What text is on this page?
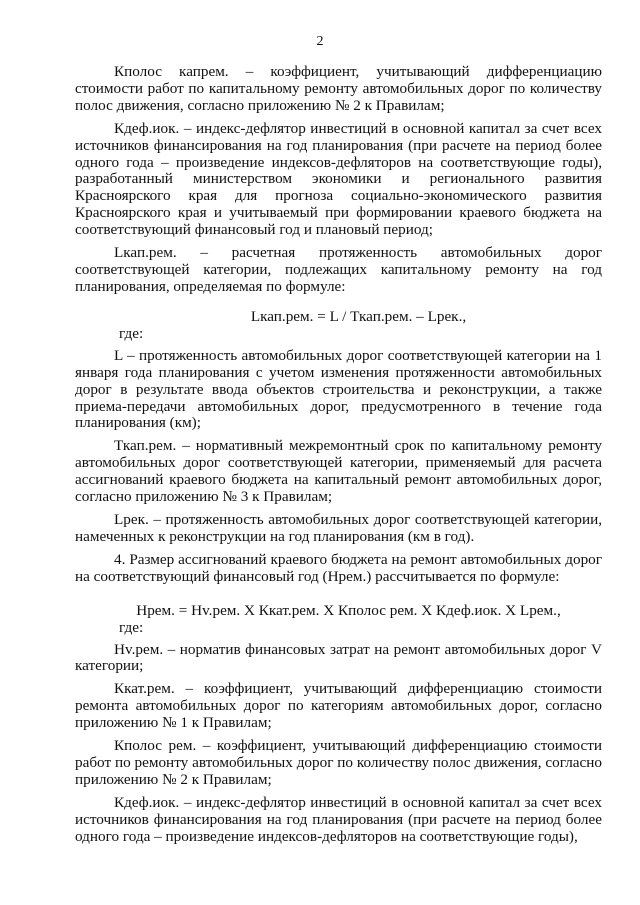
2

Кполос капрем. – коэффициент, учитывающий дифференциацию стоимости работ по капитальному ремонту автомобильных дорог по количеству полос движения, согласно приложению № 2 к Правилам;

Кдеф.иок. – индекс-дефлятор инвестиций в основной капитал за счет всех источников финансирования на год планирования (при расчете на период более одного года – произведение индексов-дефляторов на соответствующие годы), разработанный министерством экономики и регионального развития Красноярского края для прогноза социально-экономического развития Красноярского края и учитываемый при формировании краевого бюджета на соответствующий финансовый год и плановый период;

Lкап.рем. – расчетная протяженность автомобильных дорог соответствующей категории, подлежащих капитальному ремонту на год планирования, определяемая по формуле:

Lкап.рем. = L / Ткап.рем. – Lрек.,

где:

L – протяженность автомобильных дорог соответствующей категории на 1 января года планирования с учетом изменения протяженности автомобильных дорог в результате ввода объектов строительства и реконструкции, а также приема-передачи автомобильных дорог, предусмотренного в течение года планирования (км);

Ткап.рем. – нормативный межремонтный срок по капитальному ремонту автомобильных дорог соответствующей категории, применяемый для расчета ассигнований краевого бюджета на капитальный ремонт автомобильных дорог, согласно приложению № 3 к Правилам;

Lрек. – протяженность автомобильных дорог соответствующей категории, намеченных к реконструкции на год планирования (км в год).

4. Размер ассигнований краевого бюджета на ремонт автомобильных дорог на соответствующий финансовый год (Нрем.) рассчитывается по формуле:

Нрем. = Нv.рем. Х Ккат.рем. Х Кполос рем. Х Кдеф.иок. Х Lрем.,

где:

Нv.рем. – норматив финансовых затрат на ремонт автомобильных дорог V категории;

Ккат.рем. – коэффициент, учитывающий дифференциацию стоимости ремонта автомобильных дорог по категориям автомобильных дорог, согласно приложению № 1 к Правилам;

Кполос рем. – коэффициент, учитывающий дифференциацию стоимости работ по ремонту автомобильных дорог по количеству полос движения, согласно приложению № 2 к Правилам;

Кдеф.иок. – индекс-дефлятор инвестиций в основной капитал за счет всех источников финансирования на год планирования (при расчете на период более одного года – произведение индексов-дефляторов на соответствующие годы),
